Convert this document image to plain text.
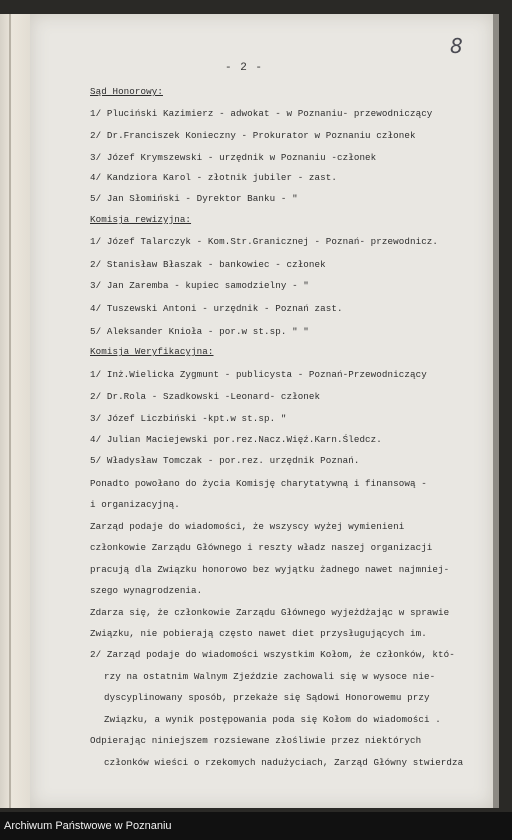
8
- 2 -
Sąd Honorowy:
1/ Pluciński Kazimierz - adwokat - w Poznaniu- przewodniczący
2/ Dr.Franciszek Konieczny - Prokurator w Poznaniu członek
3/ Józef Krymszewski - urzędnik w Poznaniu -członek
4/ Kandziora Karol - złotnik jubiler - zast.
5/ Jan Słomiński - Dyrektor Banku - "
Komisja rewizyjna:
1/ Józef Talarczyk - Kom.Str.Granicznej - Poznań- przewodnicz.
2/ Stanisław Błaszak - bankowiec - członek
3/ Jan Zaremba - kupiec samodzielny - "
4/ Tuszewski Antoni - urzędnik - Poznań zast.
5/ Aleksander Knioła - por.w st.sp. " "
Komisja Weryfikacyjna:
1/ Inż.Wielicka Zygmunt - publicysta - Poznań-Przewodniczący
2/ Dr.Rola - Szadkowski -Leonard- członek
3/ Józef Liczbiński -kpt.w st.sp. "
4/ Julian Maciejewski por.rez.Nacz.Więź.Karn.Śledcz.
5/ Władysław Tomczak - por.rez. urzędnik Poznań.
Ponadto powołano do życia Komisję charytatywną i finansową -
i organizacyjną.
Zarząd podaje do wiadomości, że wszyscy wyżej wymienieni
członkowie Zarządu Głównego i reszty władz naszej organizacji
pracują dla Związku honorowo bez wyjątku żadnego nawet najmniej-
szego wynagrodzenia.
Zdarza się, że członkowie Zarządu Głównego wyjeżdżając w sprawie
Związku, nie pobierają często nawet diet przysługujących im.
2/ Zarząd podaje do wiadomości wszystkim Kołom, że członków, któ-
rzy na ostatnim Walnym Zjeździe zachowali się w wysoce nie-
dyscyplinowany sposób, przekaże się Sądowi Honorowemu przy
Związku, a wynik postępowania poda się Kołom do wiadomości .
Odpierając niniejszem rozsiewane złośliwie przez niektórych
członków wieści o rzekomych nadużyciach, Zarząd Główny stwierdza
Archiwum Państwowe w Poznaniu
